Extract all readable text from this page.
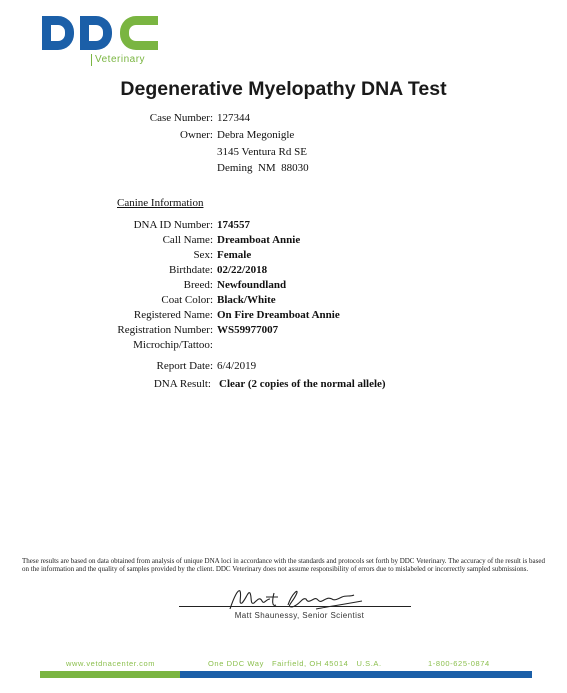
Veterinary
Degenerative Myelopathy DNA Test
Case Number: 127344
Owner: Debra Megonigle
3145 Ventura Rd SE
Deming  NM  88030
Canine Information
DNA ID Number: 174557
Call Name: Dreamboat Annie
Sex: Female
Birthdate: 02/22/2018
Breed: Newfoundland
Coat Color: Black/White
Registered Name: On Fire Dreamboat Annie
Registration Number: WS59977007
Microchip/Tattoo:
Report Date: 6/4/2019
DNA Result: Clear (2 copies of the normal allele)
These results are based on data obtained from analysis of unique DNA loci in accordance with the standards and protocols set forth by DDC Veterinary. The accuracy of the result is based on the information and the quality of samples provided by the client. DDC Veterinary does not assume responsibility of errors due to mislabeled or incorrectly sampled submissions.
Matt Shaunessy, Senior Scientist
www.vetdnacenter.com	One DDC Way   Fairfield, OH 45014   U.S.A.	1-800-625-0874
